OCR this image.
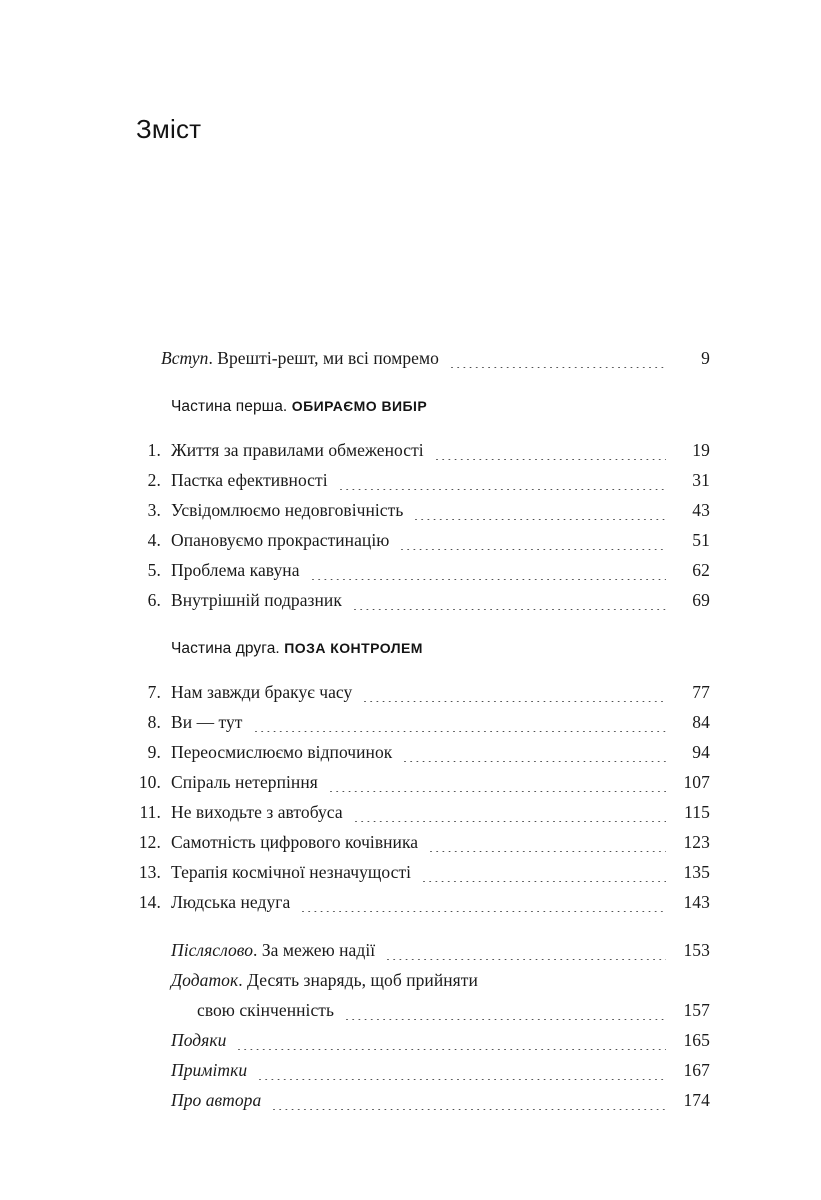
Зміст
Вступ. Врешті-решт, ми всі помремо	9
Частина перша. ОБИРАЄМО ВИБІР
1. Життя за правилами обмеженості	19
2. Пастка ефективності	31
3. Усвідомлюємо недовговічність	43
4. Опановуємо прокрастинацію	51
5. Проблема кавуна	62
6. Внутрішній подразник	69
Частина друга. ПОЗА КОНТРОЛЕМ
7. Нам завжди бракує часу	77
8. Ви — тут	84
9. Переосмислюємо відпочинок	94
10. Спіраль нетерпіння	107
11. Не виходьте з автобуса	115
12. Самотність цифрового кочівника	123
13. Терапія космічної незначущості	135
14. Людська недуга	143
Післяслово. За межею надії	153
Додаток. Десять знарядь, щоб прийняти
свою скінченність	157
Подяки	165
Примітки	167
Про автора	174
